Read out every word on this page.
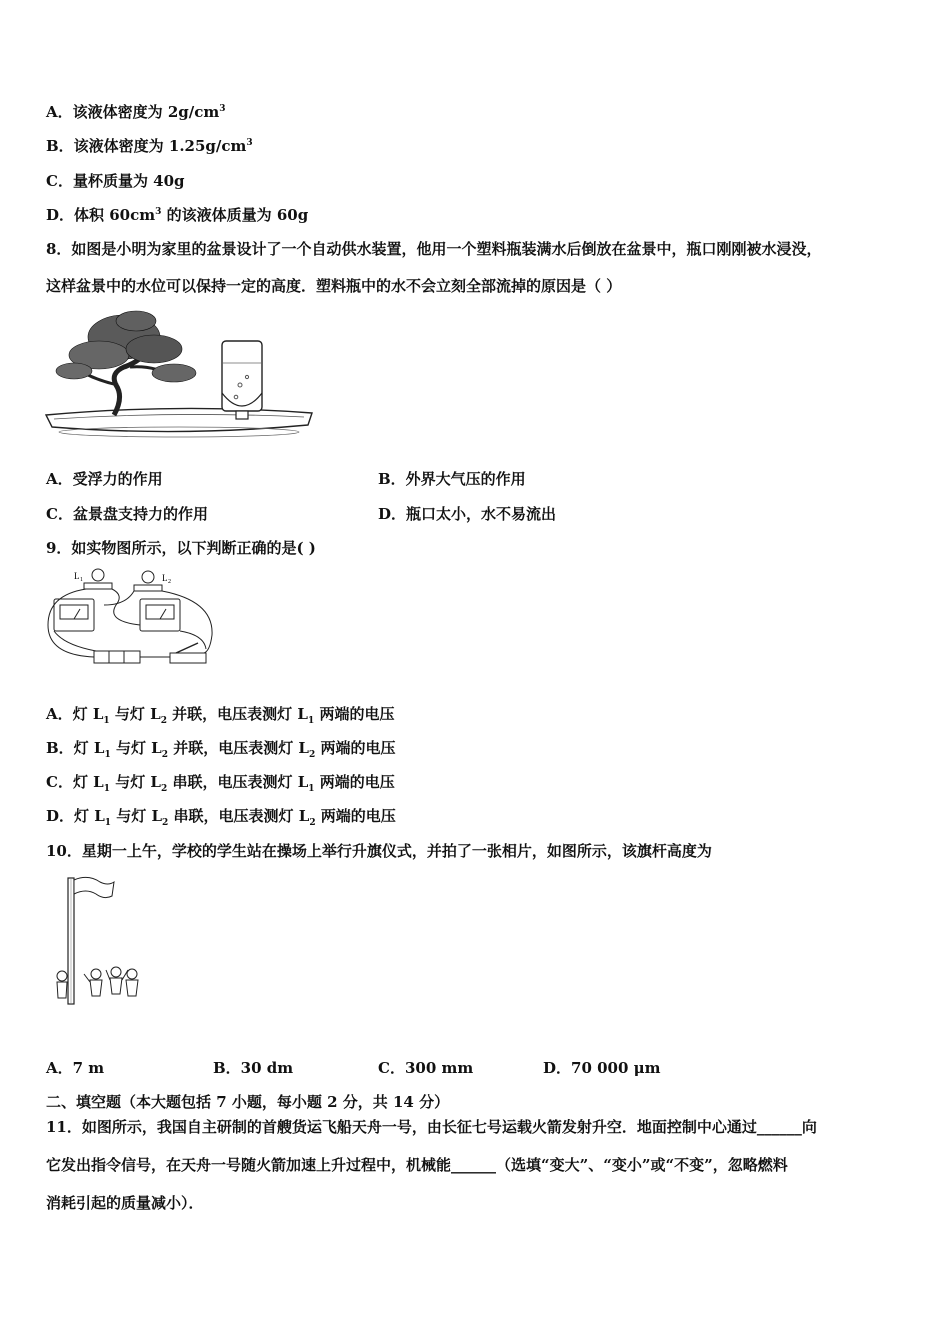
A．该液体密度为 $2g/cm^3$
B．该液体密度为 $1.25g/cm^3$
C．量杯质量为 40g
D．体积 $60cm^3$ 的该液体质量为 60g
8．如图是小明为家里的盆景设计了一个自动供水装置，他用一个塑料瓶装满水后倒放在盆景中，瓶口刚刚被水浸没，
这样盆景中的水位可以保持一定的高度．塑料瓶中的水不会立刻全部流掉的原因是（ ）
A．受浮力的作用	B．外界大气压的作用
C．盆景盘支持力的作用	D．瓶口太小，水不易流出
9．如实物图所示，以下判断正确的是( )
L 1	L 2
A．灯 $L_1$ 与灯 $L_2$ 并联，电压表测灯 $L_1$ 两端的电压
B．灯 $L_1$ 与灯 $L_2$ 并联，电压表测灯 $L_2$ 两端的电压
C．灯 $L_1$ 与灯 $L_2$ 串联，电压表测灯 $L_1$ 两端的电压
D．灯 $L_1$ 与灯 $L_2$ 串联，电压表测灯 $L_2$ 两端的电压
10．星期一上午，学校的学生站在操场上举行升旗仪式，并拍了一张相片，如图所示，该旗杆高度为
A．7 m	B．30 dm	C．300 mm	D．70 000 μm
二、填空题（本大题包括 7 小题，每小题 2 分，共 14 分）
11．如图所示，我国自主研制的首艘货运飞船天舟一号，由长征七号运载火箭发射升空．地面控制中心通过______向
它发出指令信号，在天舟一号随火箭加速上升过程中，机械能______（选填“变大”、“变小”或“不变”，忽略燃料
消耗引起的质量减小）．
